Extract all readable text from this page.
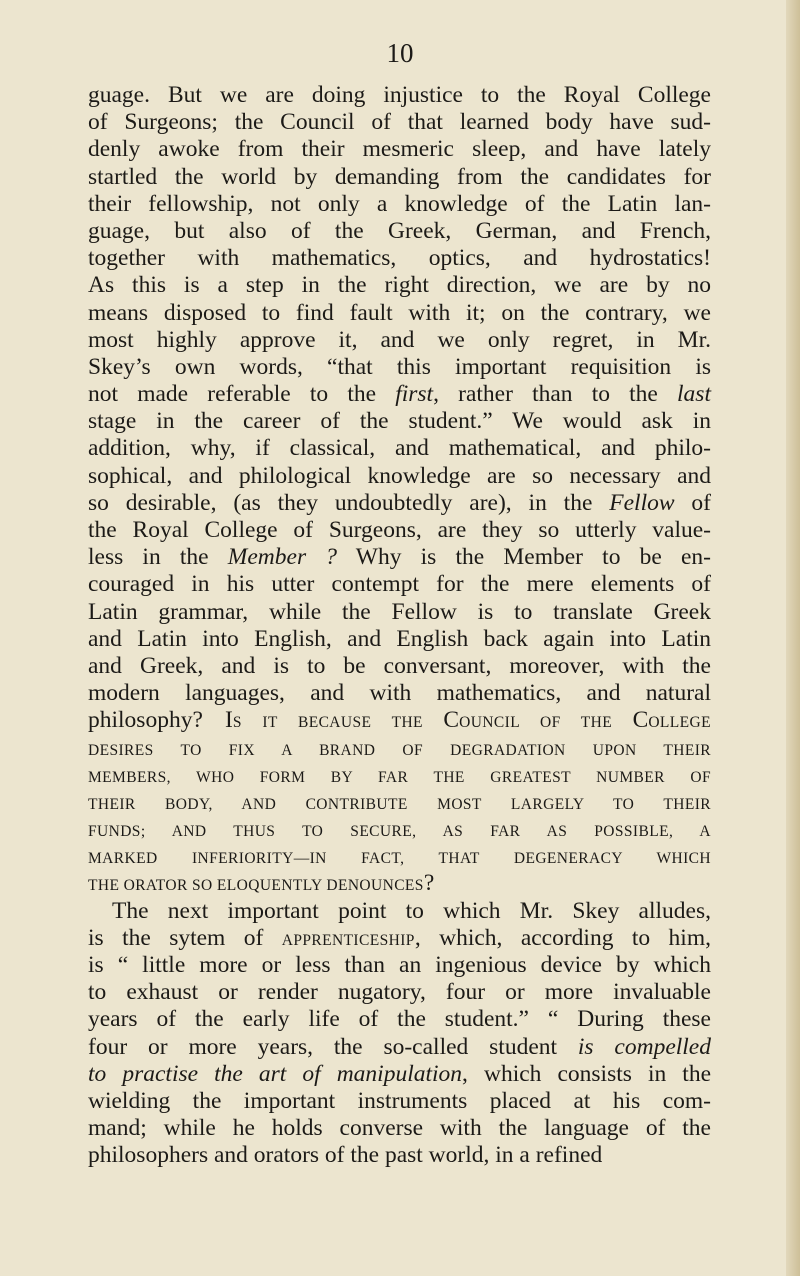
10
guage. But we are doing injustice to the Royal College
of Surgeons; the Council of that learned body have sud-
denly awoke from their mesmeric sleep, and have lately
startled the world by demanding from the candidates for
their fellowship, not only a knowledge of the Latin lan-
guage, but also of the Greek, German, and French,
together with mathematics, optics, and hydrostatics!
As this is a step in the right direction, we are by no
means disposed to find fault with it; on the contrary, we
most highly approve it, and we only regret, in Mr.
Skey’s own words, “that this important requisition is
not made referable to the first, rather than to the last
stage in the career of the student.” We would ask in
addition, why, if classical, and mathematical, and philo-
sophical, and philological knowledge are so necessary and
so desirable, (as they undoubtedly are), in the Fellow of
the Royal College of Surgeons, are they so utterly value-
less in the Member ? Why is the Member to be en-
couraged in his utter contempt for the mere elements of
Latin grammar, while the Fellow is to translate Greek
and Latin into English, and English back again into Latin
and Greek, and is to be conversant, moreover, with the
modern languages, and with mathematics, and natural
philosophy? IS IT BECAUSE THE COUNCIL OF THE COLLEGE
DESIRES TO FIX A BRAND OF DEGRADATION UPON THEIR
MEMBERS, WHO FORM BY FAR THE GREATEST NUMBER OF
THEIR BODY, AND CONTRIBUTE MOST LARGELY TO THEIR
FUNDS; AND THUS TO SECURE, AS FAR AS POSSIBLE, A
MARKED INFERIORITY—IN FACT, THAT DEGENERACY WHICH
THE ORATOR SO ELOQUENTLY DENOUNCES?
The next important point to which Mr. Skey alludes,
is the sytem of APPRENTICESHIP, which, according to him,
is “ little more or less than an ingenious device by which
to exhaust or render nugatory, four or more invaluable
years of the early life of the student.” “ During these
four or more years, the so-called student is compelled
to practise the art of manipulation, which consists in the
wielding the important instruments placed at his com-
mand; while he holds converse with the language of the
philosophers and orators of the past world, in a refined
